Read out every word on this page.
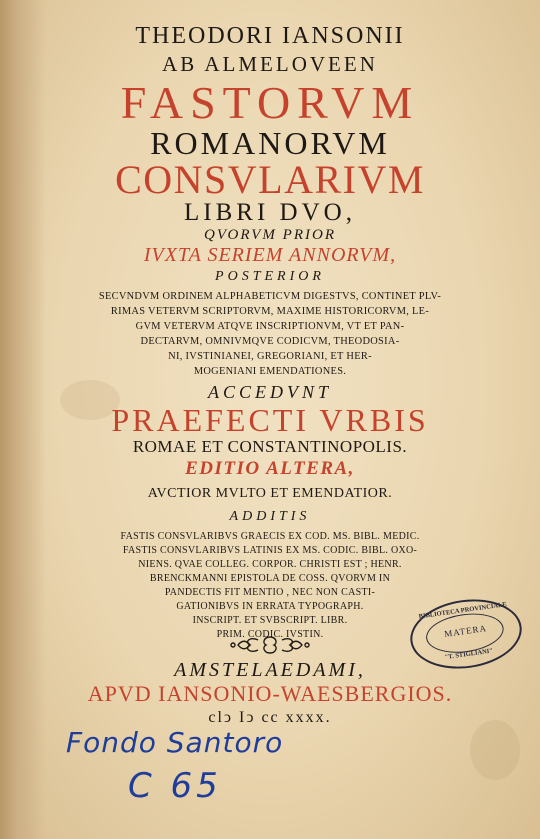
THEODORI IANSONII
AB ALMELOVEEN
FASTORVM
ROMANORVM
CONSVLARIVM
LIBRI DVO,
QVORVM PRIOR
IVXTA SERIEM ANNORVM,
POSTERIOR
SECVNDVM ORDINEM ALPHABETICVM DIGESTVS, CONTINET PLV-
RIMAS VETERVM SCRIPTORVM, MAXIME HISTORICORVM, LE-
GVM VETERVM ATQVE INSCRIPTIONVM, VT ET PAN-
DECTARVM, OMNIVMQVE CODICVM, THEODOSIA-
NI, IVSTINIANEI, GREGORIANI, ET HER-
MOGENIANI EMENDATIONES.
ACCEDVNT
PRAEFECTI VRBIS
ROMAE ET CONSTANTINOPOLIS.
EDITIO ALTERA,
AVCTIOR MVLTO ET EMENDATIOR.
ADDITIS
FASTIS CONSVLARIBVS GRAECIS EX COD. MS. BIBL. MEDIC.
FASTIS CONSVLARIBVS LATINIS EX MS. CODIC. BIBL. OXO-
NIENS. QVAE COLLEG. CORPOR. CHRISTI EST ; HENR.
BRENCKMANNI EPISTOLA DE COSS. QVORVM IN
PANDECTIS FIT MENTIO , NEC NON CASTI-
GATIONIBVS IN ERRATA TYPOGRAPH.
INSCRIPT. ET SVBSCRIPT. LIBR.
PRIM. CODIC. IVSTIN.
AMSTELAEDAMI,
APVD IANSONIO-WAESBERGIOS.
clↄ Iↄ cc xxxx.
BIBLIOTECA PROVINCIALE
MATERA
"T. STIGLIANI"
Fondo Santoro
C 65
